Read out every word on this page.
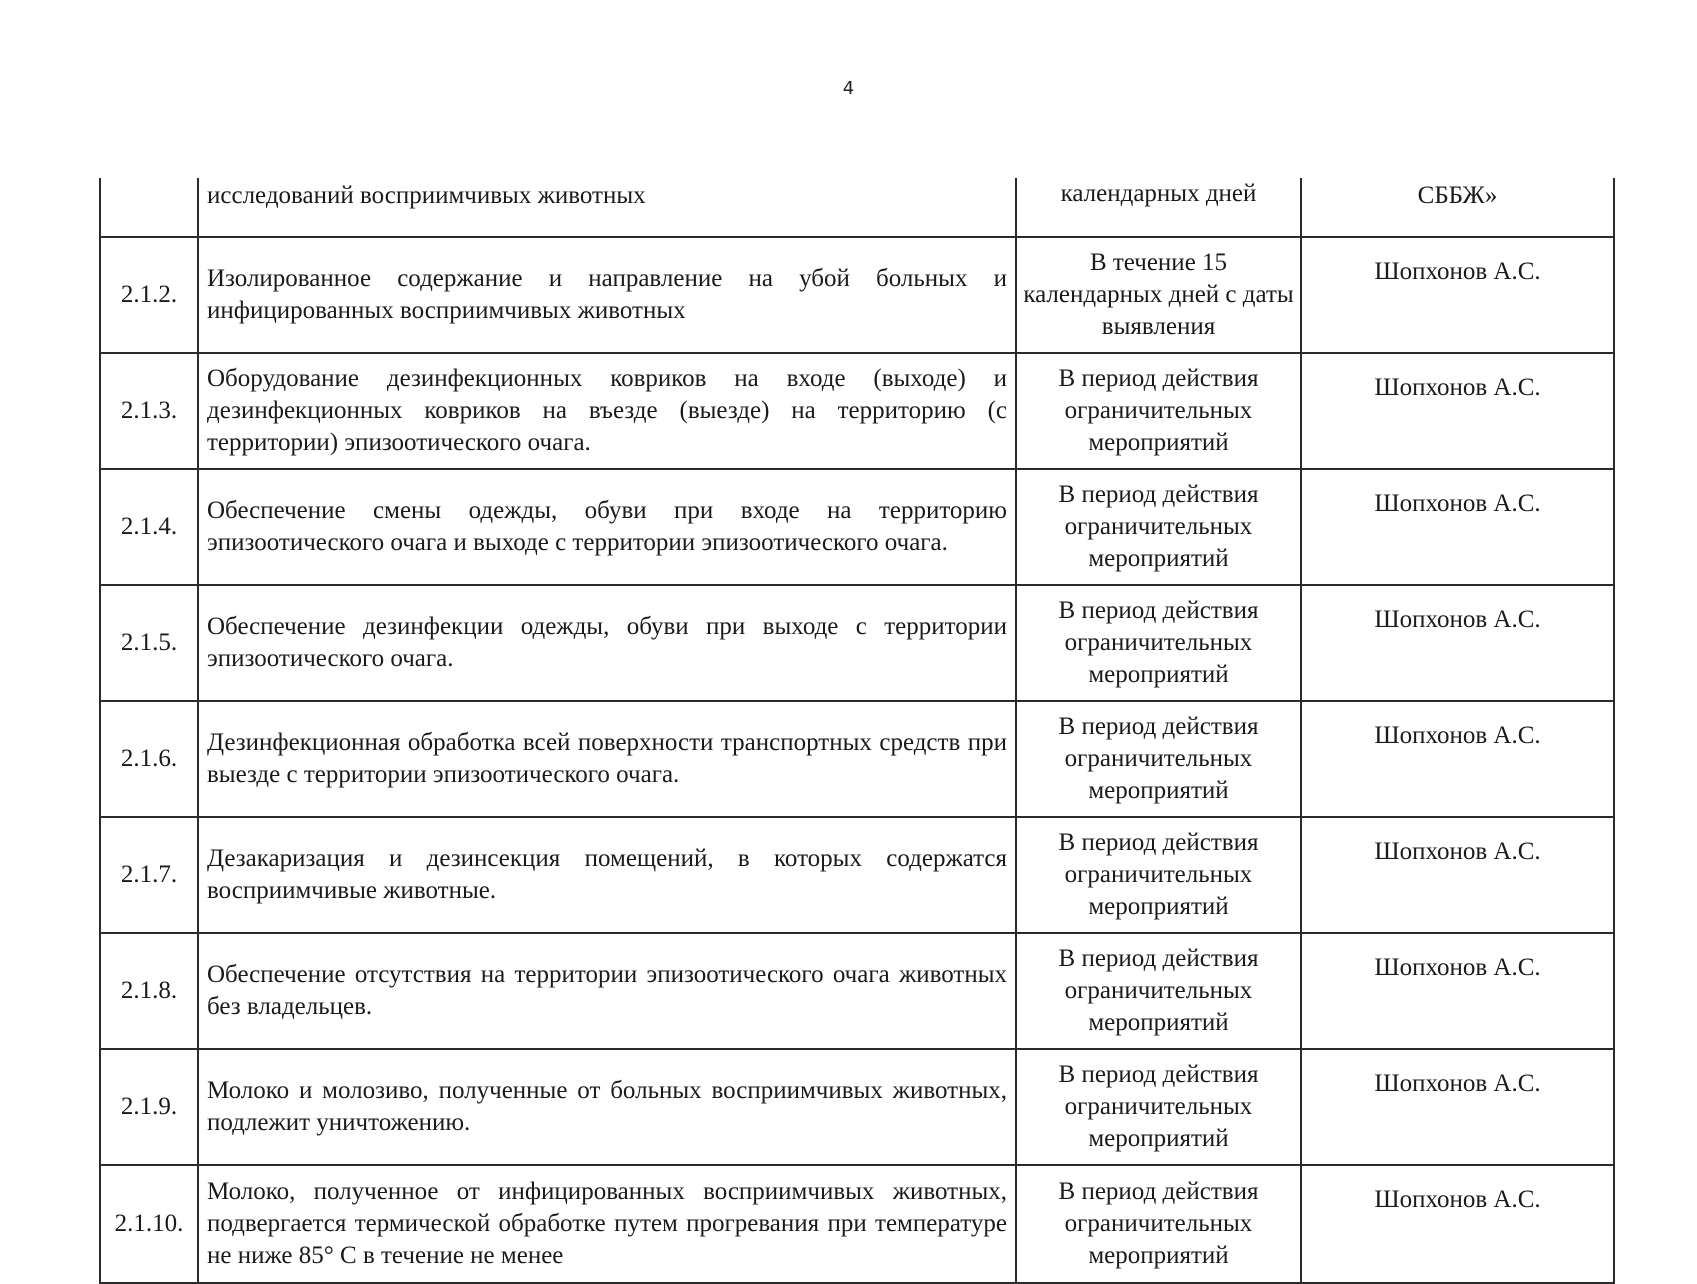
4
	исследований восприимчивых животных	календарных дней	СББЖ»
2.1.2.	Изолированное содержание и направление на убой больных и инфицированных восприимчивых животных	В течение 15 календарных дней с даты выявления	Шопхонов А.С.
2.1.3.	Оборудование дезинфекционных ковриков на входе (выходе) и дезинфекционных ковриков на въезде (выезде) на территорию (с территории) эпизоотического очага.	В период действия ограничительных мероприятий	Шопхонов А.С.
2.1.4.	Обеспечение смены одежды, обуви при входе на территорию эпизоотического очага и выходе с территории эпизоотического очага.	В период действия ограничительных мероприятий	Шопхонов А.С.
2.1.5.	Обеспечение дезинфекции одежды, обуви при выходе с территории эпизоотического очага.	В период действия ограничительных мероприятий	Шопхонов А.С.
2.1.6.	Дезинфекционная обработка всей поверхности транспортных средств при выезде с территории эпизоотического очага.	В период действия ограничительных мероприятий	Шопхонов А.С.
2.1.7.	Дезакаризация и дезинсекция помещений, в которых содержатся восприимчивые животные.	В период действия ограничительных мероприятий	Шопхонов А.С.
2.1.8.	Обеспечение отсутствия на территории эпизоотического очага животных без владельцев.	В период действия ограничительных мероприятий	Шопхонов А.С.
2.1.9.	Молоко и молозиво, полученные от больных восприимчивых животных, подлежит уничтожению.	В период действия ограничительных мероприятий	Шопхонов А.С.
2.1.10.	Молоко, полученное от инфицированных восприимчивых животных, подвергается термической обработке путем прогревания при температуре не ниже 85° С в течение не менее	В период действия ограничительных мероприятий	Шопхонов А.С.
